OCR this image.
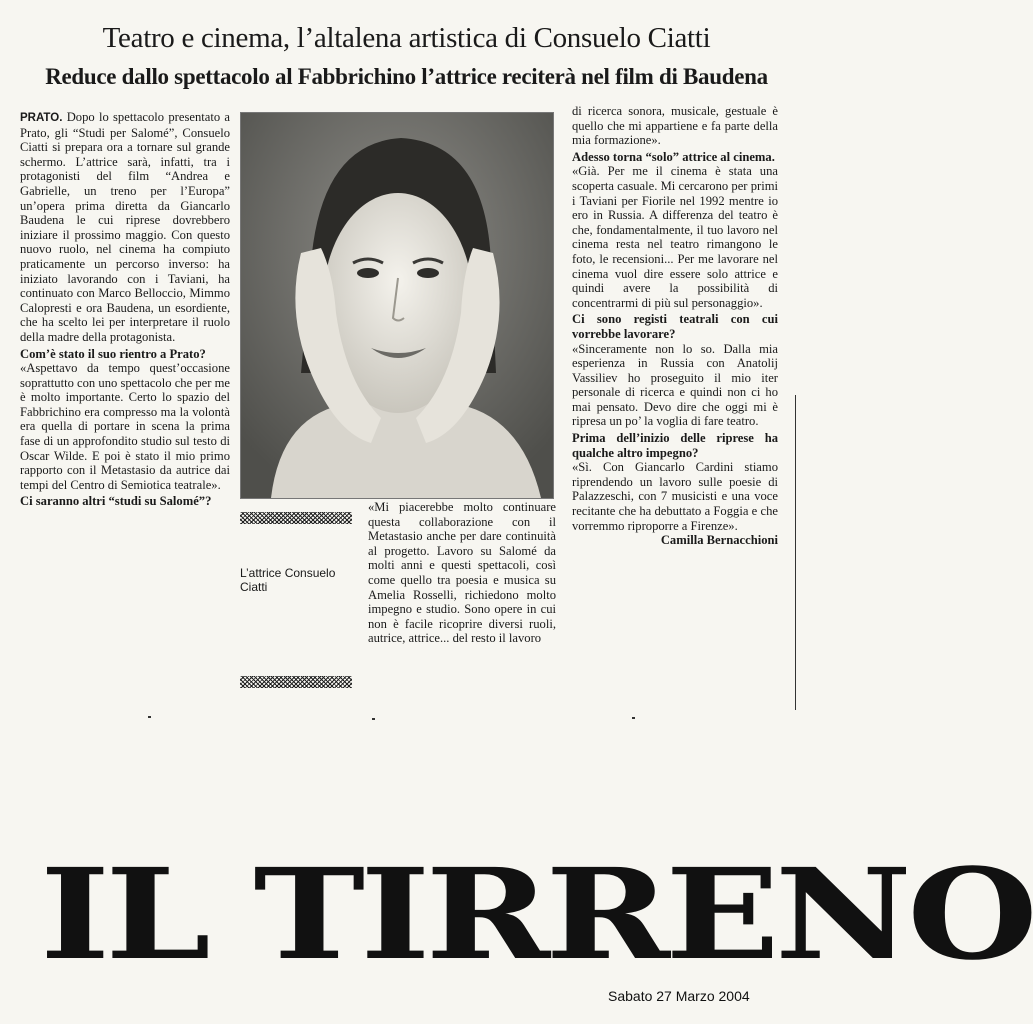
Teatro e cinema, l’altalena artistica di Consuelo Ciatti
Reduce dallo spettacolo al Fabbrichino l’attrice reciterà nel film di Baudena

PRATO. Dopo lo spettacolo presentato a Prato, gli “Studi per Salomé”, Consuelo Ciatti si prepara ora a tornare sul grande schermo. L’attrice sarà, infatti, tra i protagonisti del film “Andrea e Gabrielle, un treno per l’Europa” un’opera prima diretta da Giancarlo Baudena le cui riprese dovrebbero iniziare il prossimo maggio. Con questo nuovo ruolo, nel cinema ha compiuto praticamente un percorso inverso: ha iniziato lavorando con i Taviani, ha continuato con Marco Belloccio, Mimmo Calopresti e ora Baudena, un esordiente, che ha scelto lei per interpretare il ruolo della madre della protagonista.

Com’è stato il suo rientro a Prato?

«Aspettavo da tempo quest’occasione soprattutto con uno spettacolo che per me è molto importante. Certo lo spazio del Fabbrichino era compresso ma la volontà era quella di portare in scena la prima fase di un approfondito studio sul testo di Oscar Wilde. E poi è stato il mio primo rapporto con il Metastasio da autrice dai tempi del Centro di Semiotica teatrale».

Ci saranno altri “studi su Salomé”?

L’attrice Consuelo Ciatti

«Mi piacerebbe molto continuare questa collaborazione con il Metastasio anche per dare continuità al progetto. Lavoro su Salomé da molti anni e questi spettacoli, così come quello tra poesia e musica su Amelia Rosselli, richiedono molto impegno e studio. Sono opere in cui non è facile ricoprire diversi ruoli, autrice, attrice... del resto il lavoro

di ricerca sonora, musicale, gestuale è quello che mi appartiene e fa parte della mia formazione».

Adesso torna “solo” attrice al cinema.

«Già. Per me il cinema è stata una scoperta casuale. Mi cercarono per primi i Taviani per Fiorile nel 1992 mentre io ero in Russia. A differenza del teatro è che, fondamentalmente, il tuo lavoro nel cinema resta nel teatro rimangono le foto, le recensioni... Per me lavorare nel cinema vuol dire essere solo attrice e quindi avere la possibilità di concentrarmi di più sul personaggio».

Ci sono registi teatrali con cui vorrebbe lavorare?

«Sinceramente non lo so. Dalla mia esperienza in Russia con Anatolij Vassiliev ho proseguito il mio iter personale di ricerca e quindi non ci ho mai pensato. Devo dire che oggi mi è ripresa un po’ la voglia di fare teatro.

Prima dell’inizio delle riprese ha qualche altro impegno?

«Sì. Con Giancarlo Cardini stiamo riprendendo un lavoro sulle poesie di Palazzeschi, con 7 musicisti e una voce recitante che ha debuttato a Foggia e che vorremmo riproporre a Firenze».

Camilla Bernacchioni

IL TIRRENO
Sabato 27 Marzo 2004
